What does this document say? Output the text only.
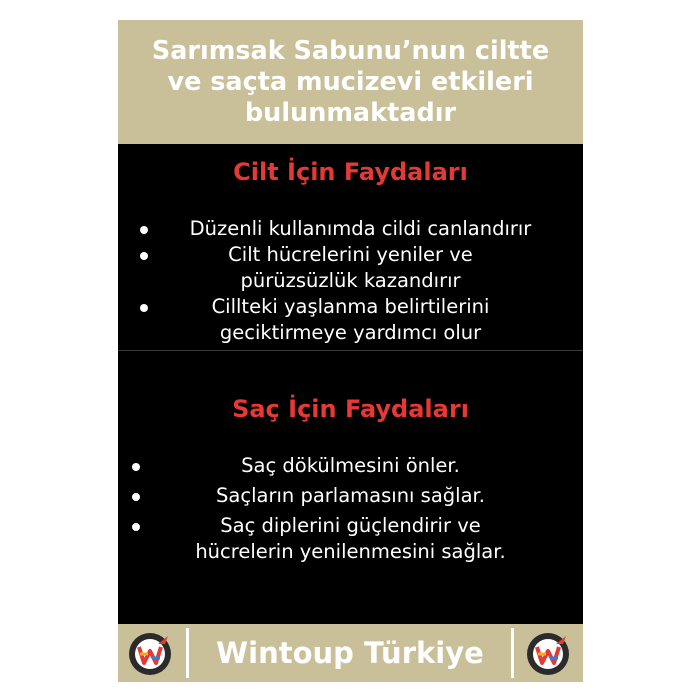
Sarımsak Sabunu’nun ciltte
ve saçta mucizevi etkileri
bulunmaktadır
Cilt İçin Faydaları
Düzenli kullanımda cildi canlandırır
Cilt hücrelerini yeniler ve
pürüzsüzlük kazandırır
Cillteki yaşlanma belirtilerini
geciktirmeye yardımcı olur
Saç İçin Faydaları
Saç dökülmesini önler.
Saçların parlamasını sağlar.
Saç diplerini güçlendirir ve
hücrelerin yenilenmesini sağlar.
Wintoup Türkiye
